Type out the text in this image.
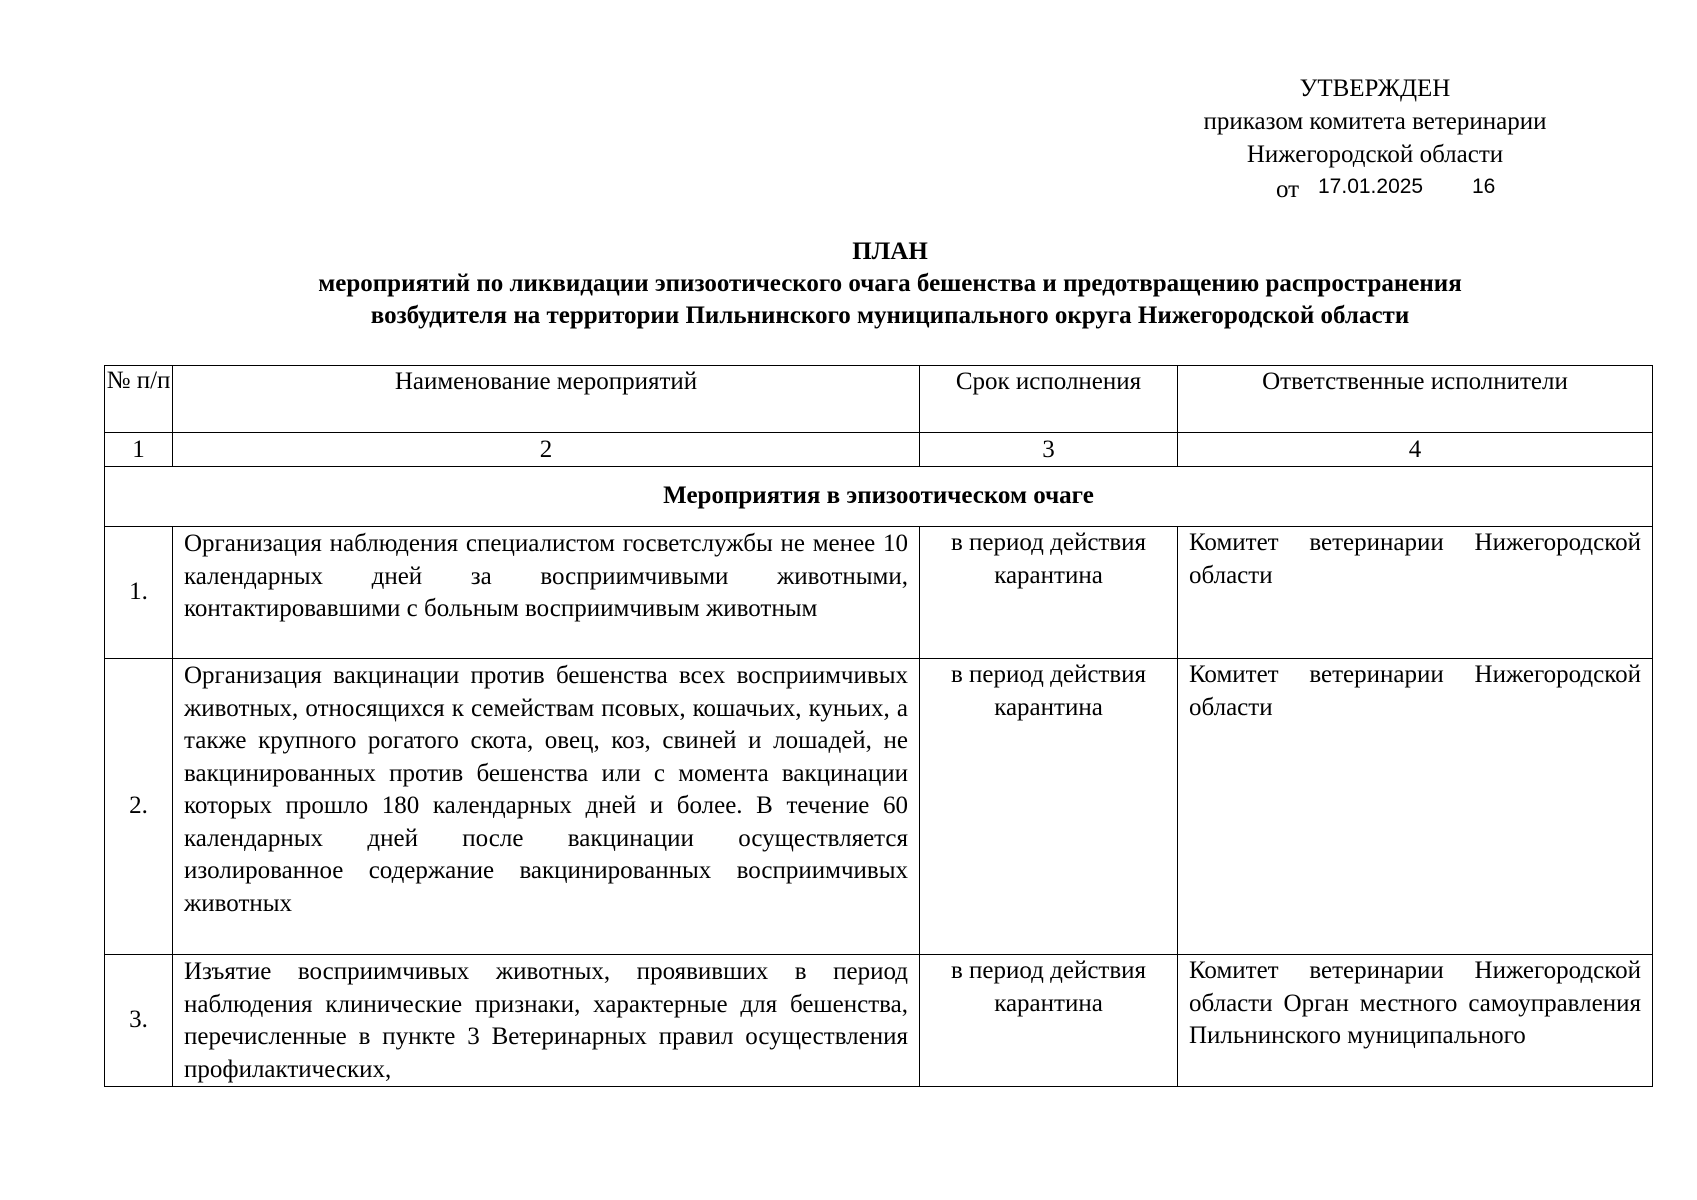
УТВЕРЖДЕН
приказом комитета ветеринарии
Нижегородской области
от 17.01.2025 16
ПЛАН
мероприятий по ликвидации эпизоотического очага бешенства и предотвращению распространения
возбудителя на территории Пильнинского муниципального округа Нижегородской области
№ п/п	Наименование мероприятий	Срок исполнения	Ответственные исполнители
1	2	3	4
Мероприятия в эпизоотическом очаге			
1.	Организация наблюдения специалистом госветслужбы не менее 10 календарных дней за восприимчивыми животными, контактировавшими с больным восприимчивым животным	в период действия карантина	Комитет ветеринарии Нижегородской области
2.	Организация вакцинации против бешенства всех восприимчивых животных, относящихся к семействам псовых, кошачьих, куньих, а также крупного рогатого скота, овец, коз, свиней и лошадей, не вакцинированных против бешенства или с момента вакцинации которых прошло 180 календарных дней и более. В течение 60 календарных дней после вакцинации осуществляется изолированное содержание вакцинированных восприимчивых животных	в период действия карантина	Комитет ветеринарии Нижегородской области
3.	Изъятие восприимчивых животных, проявивших в период наблюдения клинические признаки, характерные для бешенства, перечисленные в пункте 3 Ветеринарных правил осуществления профилактических,	в период действия карантина	Комитет ветеринарии Нижегородской области Орган местного самоуправления Пильнинского муниципального
